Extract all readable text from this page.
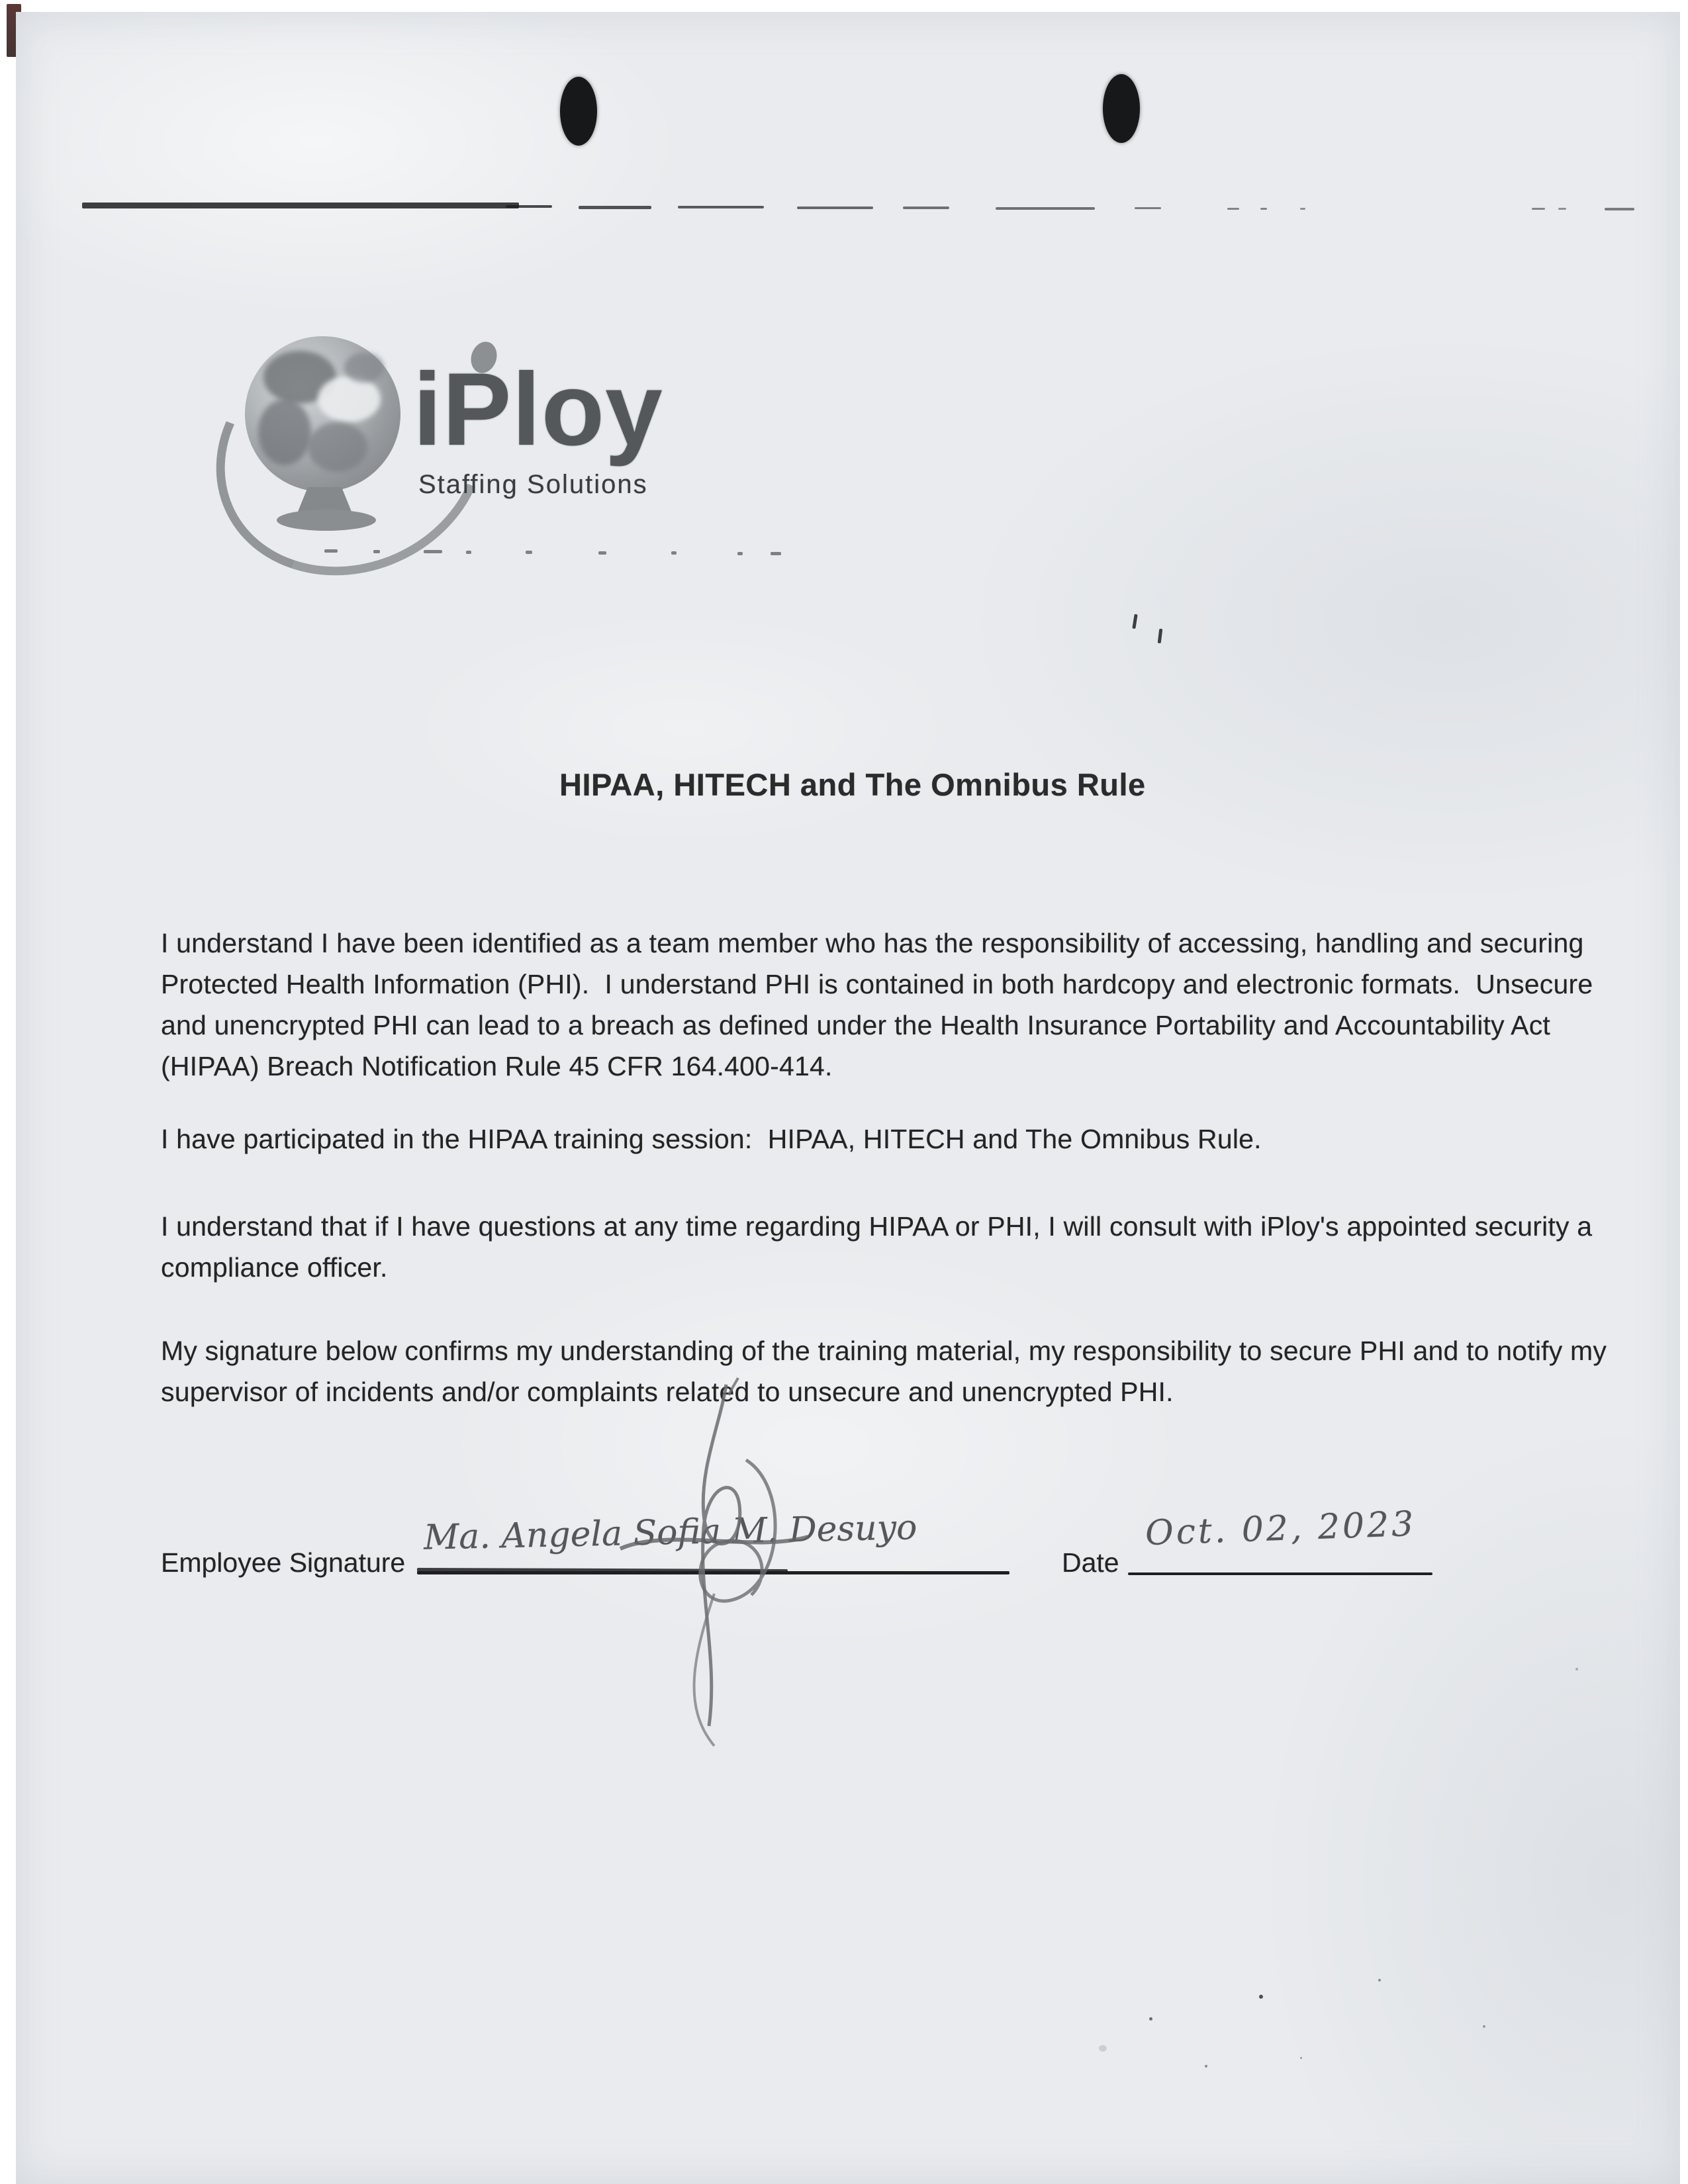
iPloy
Staffing Solutions
HIPAA, HITECH and The Omnibus Rule
I understand I have been identified as a team member who has the responsibility of accessing, handling and securing
Protected Health Information (PHI).  I understand PHI is contained in both hardcopy and electronic formats.  Unsecure
and unencrypted PHI can lead to a breach as defined under the Health Insurance Portability and Accountability Act
(HIPAA) Breach Notification Rule 45 CFR 164.400-414.
I have participated in the HIPAA training session:  HIPAA, HITECH and The Omnibus Rule.
I understand that if I have questions at any time regarding HIPAA or PHI, I will consult with iPloy's appointed security a
compliance officer.
My signature below confirms my understanding of the training material, my responsibility to secure PHI and to notify my
supervisor of incidents and/or complaints related to unsecure and unencrypted PHI.
Employee Signature
Ma. Angela Sofia M. Desuyo
Date
Oct. 02, 2023
